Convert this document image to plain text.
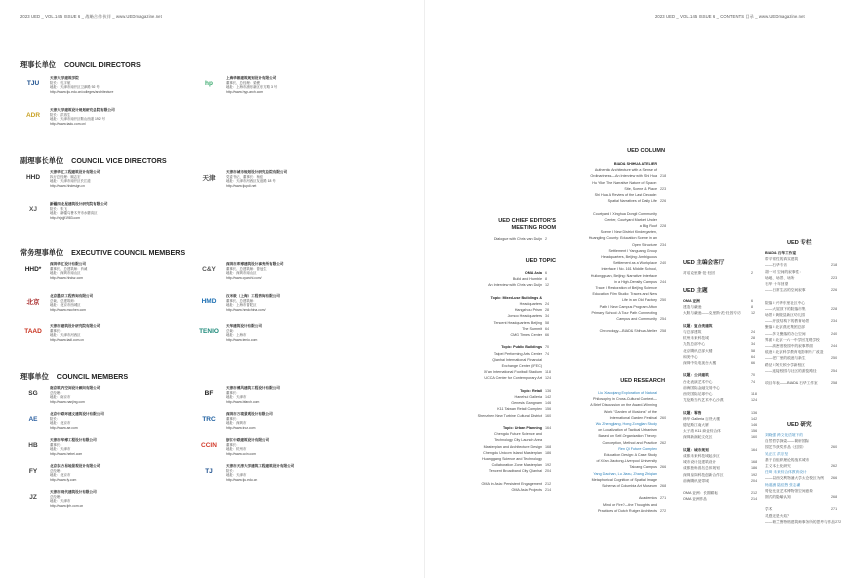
2023 UED _ VOL.145 ISSUE 6 _ 战略合作伙伴 _ www.UEDmagazine.net
理事长单位 COUNCIL DIRECTORS
副理事长单位 COUNCIL VICE DIRECTORS
常务理事单位 EXECUTIVE COUNCIL MEMBERS
理事单位 COUNCIL MEMBERS
TJU
天津大学建筑学院
院长：孔宇航
地址：天津市南开区卫津路 92 号
http://www.tju.edu.cn/colleges/architecture
hp
上海华都建筑规划设计有限公司
董事长、总经理：梁俊
地址：上海市浦东新区东方路 3 号
http://www.hyp-arch.com
ADR
天津大学建筑设计规划研究总院有限公司
院长：洪再生
地址：天津市南开区鞍山西道 192 号
http://www.tadu.com.cn/
HHD
天津华汇工程建筑设计有限公司
执行总经理：顾志宏
地址：天津市南开区长江道
http://www.hhdesign.cn
天津
天津市城市规划设计研究总院有限公司
党委书记、董事长：杨佳
地址：天津市河西区友谊路 18 号
http://www.tjupdi.net
XJ
新疆西北星建筑设计研究院有限公司
院长：朱飞
地址：新疆乌鲁木齐市水磨沟区
http://xjxjjf1983.com
HHD*
深圳华汇设计有限公司
董事长、总建筑师：肖诚
地址：深圳市南山区
http://www.hhdsz.com
C&Y
深圳市库博建筑设计事务所有限公司
董事长、总建筑师：曾冠生
地址：深圳市南山区
http://www.cyarchi.com/
北京
北京墨臣工程咨询有限公司
总裁、总建筑师：
地址：北京市西城区
http://www.mochen.com
HMD
汉米敦（上海）工程咨询有限公司
董事长、总建筑师：
地址：上海市普陀区
http://www.hmdchina.com/
TAAD
天津市建筑设计研究院有限公司
董事长：
地址：天津市河西区
http://www.tadi.com.cn
TENIO
天华建筑设计有限公司
总裁：
地址：上海市
http://www.tenio.com
SG
南京筑内空间设计顾问有限公司
总经理：
地址：南京市
http://www.nanjing.com
BF
天津市博风建筑工程设计有限公司
董事长：
地址：天津市
http://www.bfarch.com
AE
北京中联环建文建筑设计有限公司
院长：
地址：北京市
http://www.ae.com
TRC
深圳市万境景观设计有限公司
董事长：
地址：深圳市
http://www.trcz.com
HB
天津市华博工程设计有限公司
董事长：
地址：天津市
http://www.hebei.com
CCIN
浙江中联建筑设计有限公司
董事长：
地址：杭州市
http://www.ccin.com
FY
北京东方易地景观设计有限公司
总经理：
地址：北京市
http://www.fy.com
TJ
天津市天津大学建筑工程建筑设计有限公司
院长：
地址：天津市
http://www.tju.edu.cn
JZ
天津市现代建筑设计有限公司
总经理：
地址：天津市
http://www.tjrh.com.cn
2023 UED _ VOL.145 ISSUE 6 _ CONTENTS 目录 _ www.UEDmagazine.net
UED CHIEF EDITOR'S MEETING ROOM
Dialogue with Chris van Duijn 2
UED TOPIC
OMA Asia 6
Build and Humble 8
An Interview with Chris van Duijn 12
Topic: Mixed-use Buildings &
Headquarters 24
Hangzhou Prism 28
Jomoo Headquarters 34
Tencent Headquarters Beijing 58
The Summit 64
CMG Times Center 66
Topic: Public Buildings 70
Taipei Performing Arts Center 74
Qianhai International Financial
Exchange Center (IFEC)
Xi'an International Football Stadium 118
UCCA Center for Contemporary Art 124
Topic: Retail 136
Hanehui Galleria 142
Genesis Gangnam 146
K11 Taiwan Retail Complex 156
Shenzhen New Turbine Cultural District 160
Topic: Urban Planning 164
Chengdu Future Science and
Technology City Launch Area
Masterplan and Architecture Design 168
Chengdu Unicorn Island Masterplan 186
Huanggang Science and Technology
Collaboration Zone Masterplan 192
Tencent Broadband City Qianhai 204
OMA in Asia: Persistent Engagement 212
OMA Asia Projects 214
UED COLUMN
BIAD& SHIHUA ATELIER
Authentic Architecture with a Sense of
Ordinariness—An Interview with Shi Hua 218
Hu Yike The Narrative Nature of Space:
Site, Scene & Place 223
Shi Hua A Review of the Last Decade:
Spatial Narratives of Daily Life 226
Courtyard I Xinghua Dongli Community
Center, Courtyard Market Under
a Big Roof 228
Scene I New District Kindergarten,
Huangling County: Education Scene in an
Open Structure 234
Settlement I Yanguang Group
Headquarters, Beijing: Ambiguous
Settlement as a Workplace 240
Interface I No. 161 Middle School,
Huilongguan, Beijing: Narrative Interface
in a High-Density Campus 244
Trace I Restoration of Beijing Science
Education Film Studio: Traces and New
Life in an Old Factory 250
Path I New Campus Program Afton
Primary School: A Tour Path Connecting
Campus and Community 254
Chronology—BIAD& Shihua Atelier 258
UED RESEARCH
Liu Xiaoqiang Exploration of Natural
Philosophy in Cross-Cultural Context—
A Brief Discussion on the Award-Winning
Work "Garden of Illusions" of the
International Garden Festival 260
Wu Zhengjiang, Hong Zongjian Study
on Localization of Tactical Urbanism
Based on Self-Organization Theory:
Conception, Method and Practice 262
Ren Qi Future Complex
Education Design: A Case Study
of Xi'an Jiaotong-Liverpool University
Taicang Campus 266
Yang Daohan, Lu Jiaxu, Zhang Zhiqian
Metaphorical Cognition of Spatial Image
Schema of Columbia Art Museum 268
Academics 271
Mind or Fire?—the Thoughts and
Practices of Dutch Rutger Architects 272
UED 主编会客厅
对话克里斯·范·杜因	2
UED 主题
OMA 亚洲	6
建造与谦逊	8
大胆与谦逊——克里斯·范·杜因专访	12
议题：复合类建筑
与总部建筑	24
杭州未来科技城	28
九牧总部中心	34
北京腾讯总部大楼	58
和美中心	64
深圳中央电视台大楼	66
议题：公共建筑	70
台北表演艺术中心	74
前海国际金融交易中心
西安国际足球中心	118
尤伦斯当代艺术中心沙漠	124
议题：零售	136
韩华 Galleria 百货大楼	142
德尼斯江南大厦	146
太子湾 K11 商业综合体	156
深圳新涡轮文化区	160
议题：城市规划	164
成都未来科技城起步区
城市设计及建筑设计	168
成都独角兽岛总体规划	186
深圳皇岗科技创新合作区	192
前海腾讯宽带城	204
OMA 亚洲：长期耕耘	212
OMA 亚洲作品	214
UED 专栏
BIAD& 石华工作室
带平常性的真实建筑
——石华专访	218
胡一可 空间的叙事性：
场地、场景、场所	223
石华 十年回望
——日常生活的空间叙事	226
院落 I 兴华东里社区中心
——大屋顶下的院落市集	228
场景 I 黄陵县新区幼儿园
——开放结构下的教育场景	234
聚落 I 北京燕光集团总部
——多义聚落的办公空间	240
界面 I 北京一六一中学回龙观学校
——高密度校园中的叙事界面	244
痕迹 I 北京科学教育电影制片厂改造
——老厂里的痕迹与新生	250
路径 I 阿夫顿小学新校区
——连接校园与社区的游览路径	254
项目年表——BIAD& 石华工作室	258
UED 研究
刘晓强 跨文化语境下的
自然哲学探索——简析国际
园艺节获奖作品《幻园》	260
吴正江 洪宗坚
基于自组织理论的战术城市
主义本土化研究	262
任琦 未来综合体教育设计
——以西交利物浦大学太仓校区为例 266
杨道涵 陆佳煦 张志谦
哥伦比亚艺术博物馆空间意象
图式的隐喻认知	268
学术	271
灵感还是火焰？
——荷兰鲁特格建筑师事务所的思考与作品 272
